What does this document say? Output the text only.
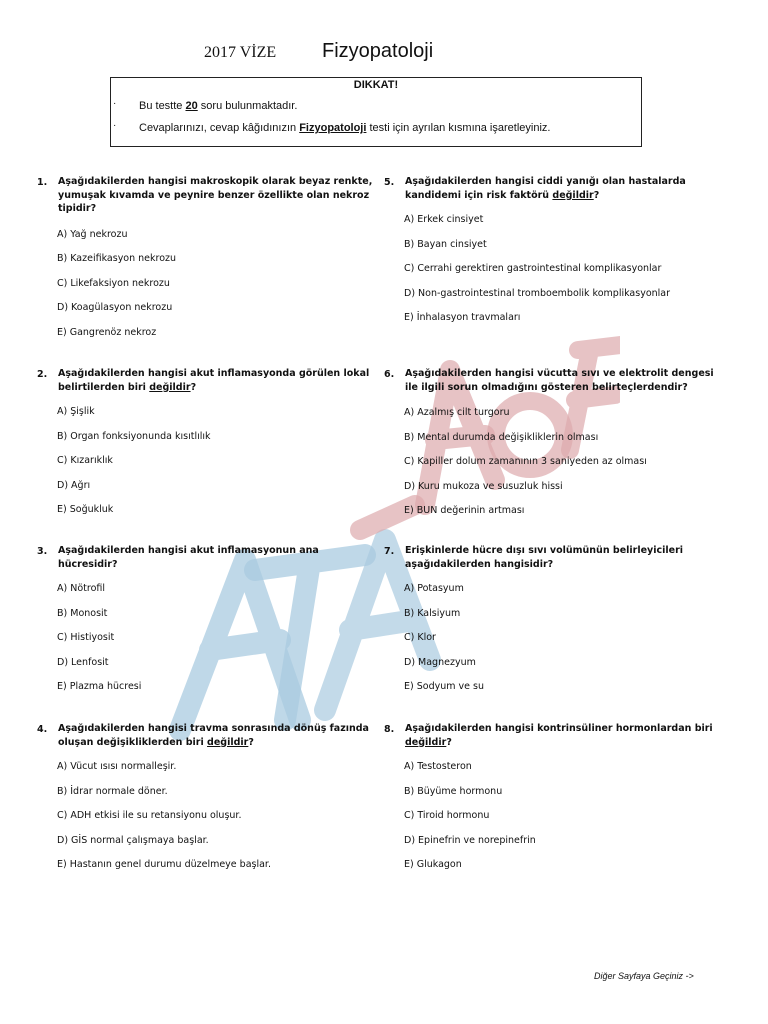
2017 VİZE Fizyopatoloji
DIKKAT!
· Bu testte 20 soru bulunmaktadır.
· Cevaplarınızı, cevap kâğıdınızın Fizyopatoloji testi için ayrılan kısmına işaretleyiniz.
1. Aşağıdakilerden hangisi makroskopik olarak beyaz renkte, yumuşak kıvamda ve peynire benzer özellikte olan nekroz tipidir?
A) Yağ nekrozu
B) Kazeifikasyon nekrozu
C) Likefaksiyon nekrozu
D) Koagülasyon nekrozu
E) Gangrenöz nekroz
2. Aşağıdakilerden hangisi akut inflamasyonda görülen lokal belirtilerden biri değildir?
A) Şişlik
B) Organ fonksiyonunda kısıtlılık
C) Kızarıklık
D) Ağrı
E) Soğukluk
3. Aşağıdakilerden hangisi akut inflamasyonun ana hücresidir?
A) Nötrofil
B) Monosit
C) Histiyosit
D) Lenfosit
E) Plazma hücresi
4. Aşağıdakilerden hangisi travma sonrasında dönüş fazında oluşan değişikliklerden biri değildir?
A) Vücut ısısı normalleşir.
B) İdrar normale döner.
C) ADH etkisi ile su retansiyonu oluşur.
D) GİS normal çalışmaya başlar.
E) Hastanın genel durumu düzelmeye başlar.
5. Aşağıdakilerden hangisi ciddi yanığı olan hastalarda kandidemi için risk faktörü değildir?
A) Erkek cinsiyet
B) Bayan cinsiyet
C) Cerrahi gerektiren gastrointestinal komplikasyonlar
D) Non-gastrointestinal tromboembolik komplikasyonlar
E) İnhalasyon travmaları
6. Aşağıdakilerden hangisi vücutta sıvı ve elektrolit dengesi ile ilgili sorun olmadığını gösteren belirteçlerdendir?
A) Azalmış cilt turgoru
B) Mental durumda değişikliklerin olması
C) Kapiller dolum zamanının 3 saniyeden az olması
D) Kuru mukoza ve susuzluk hissi
E) BUN değerinin artması
7. Erişkinlerde hücre dışı sıvı volümünün belirleyicileri aşağıdakilerden hangisidir?
A) Potasyum
B) Kalsiyum
C) Klor
D) Magnezyum
E) Sodyum ve su
8. Aşağıdakilerden hangisi kontrinsüliner hormonlardan biri değildir?
A) Testosteron
B) Büyüme hormonu
C) Tiroid hormonu
D) Epinefrin ve norepinefrin
E) Glukagon
Diğer Sayfaya Geçiniz ->
